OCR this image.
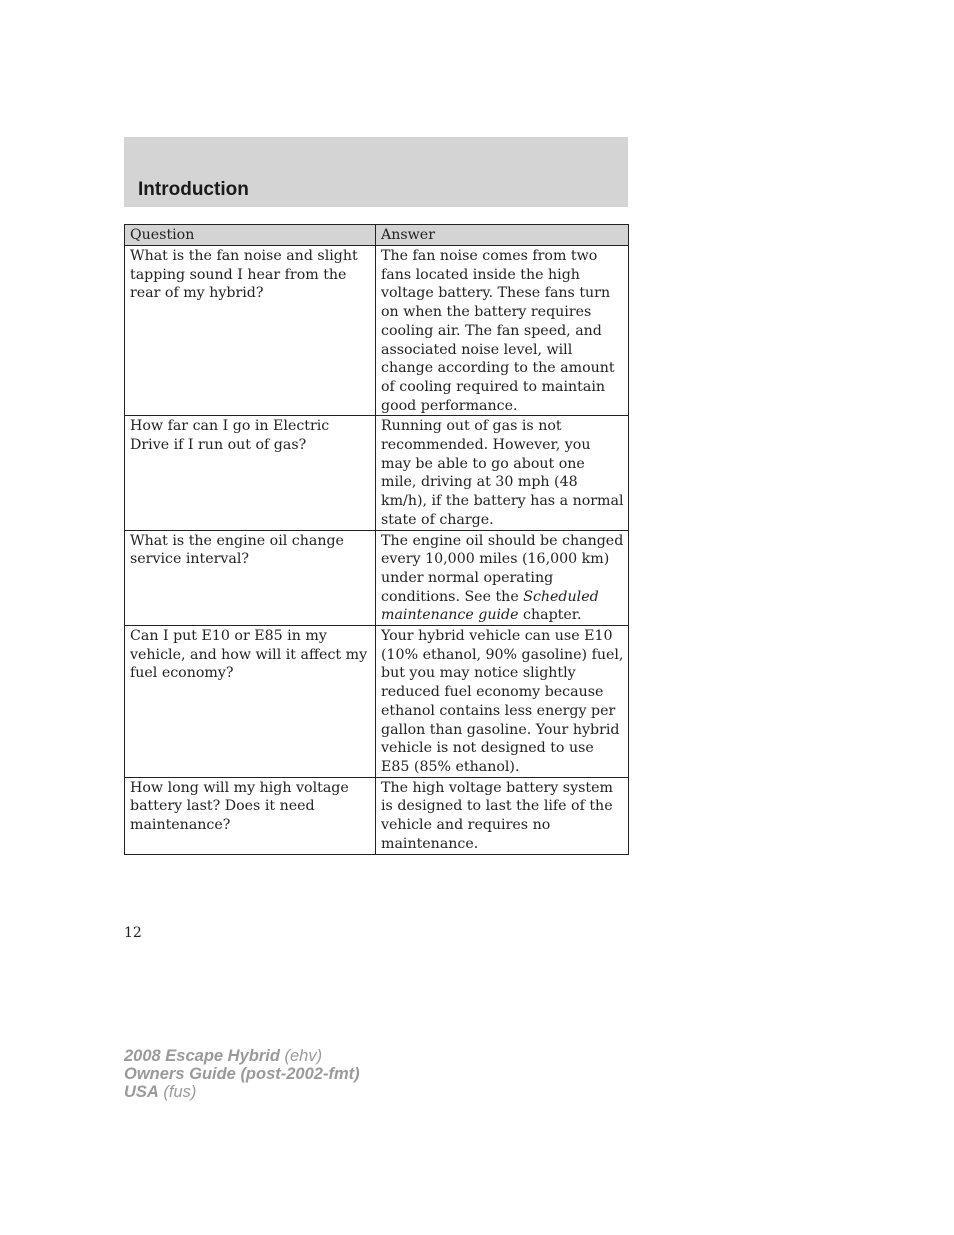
Introduction
Question	Answer
What is the fan noise and slight tapping sound I hear from the rear of my hybrid?	The fan noise comes from two fans located inside the high voltage battery. These fans turn on when the battery requires cooling air. The fan speed, and associated noise level, will change according to the amount of cooling required to maintain good performance.
How far can I go in Electric Drive if I run out of gas?	Running out of gas is not recommended. However, you may be able to go about one mile, driving at 30 mph (48 km/h), if the battery has a normal state of charge.
What is the engine oil change service interval?	The engine oil should be changed every 10,000 miles (16,000 km) under normal operating conditions. See the Scheduled maintenance guide chapter.
Can I put E10 or E85 in my vehicle, and how will it affect my fuel economy?	Your hybrid vehicle can use E10 (10% ethanol, 90% gasoline) fuel, but you may notice slightly reduced fuel economy because ethanol contains less energy per gallon than gasoline. Your hybrid vehicle is not designed to use E85 (85% ethanol).
How long will my high voltage battery last? Does it need maintenance?	The high voltage battery system is designed to last the life of the vehicle and requires no maintenance.
12
2008 Escape Hybrid (ehv)
Owners Guide (post-2002-fmt)
USA (fus)
